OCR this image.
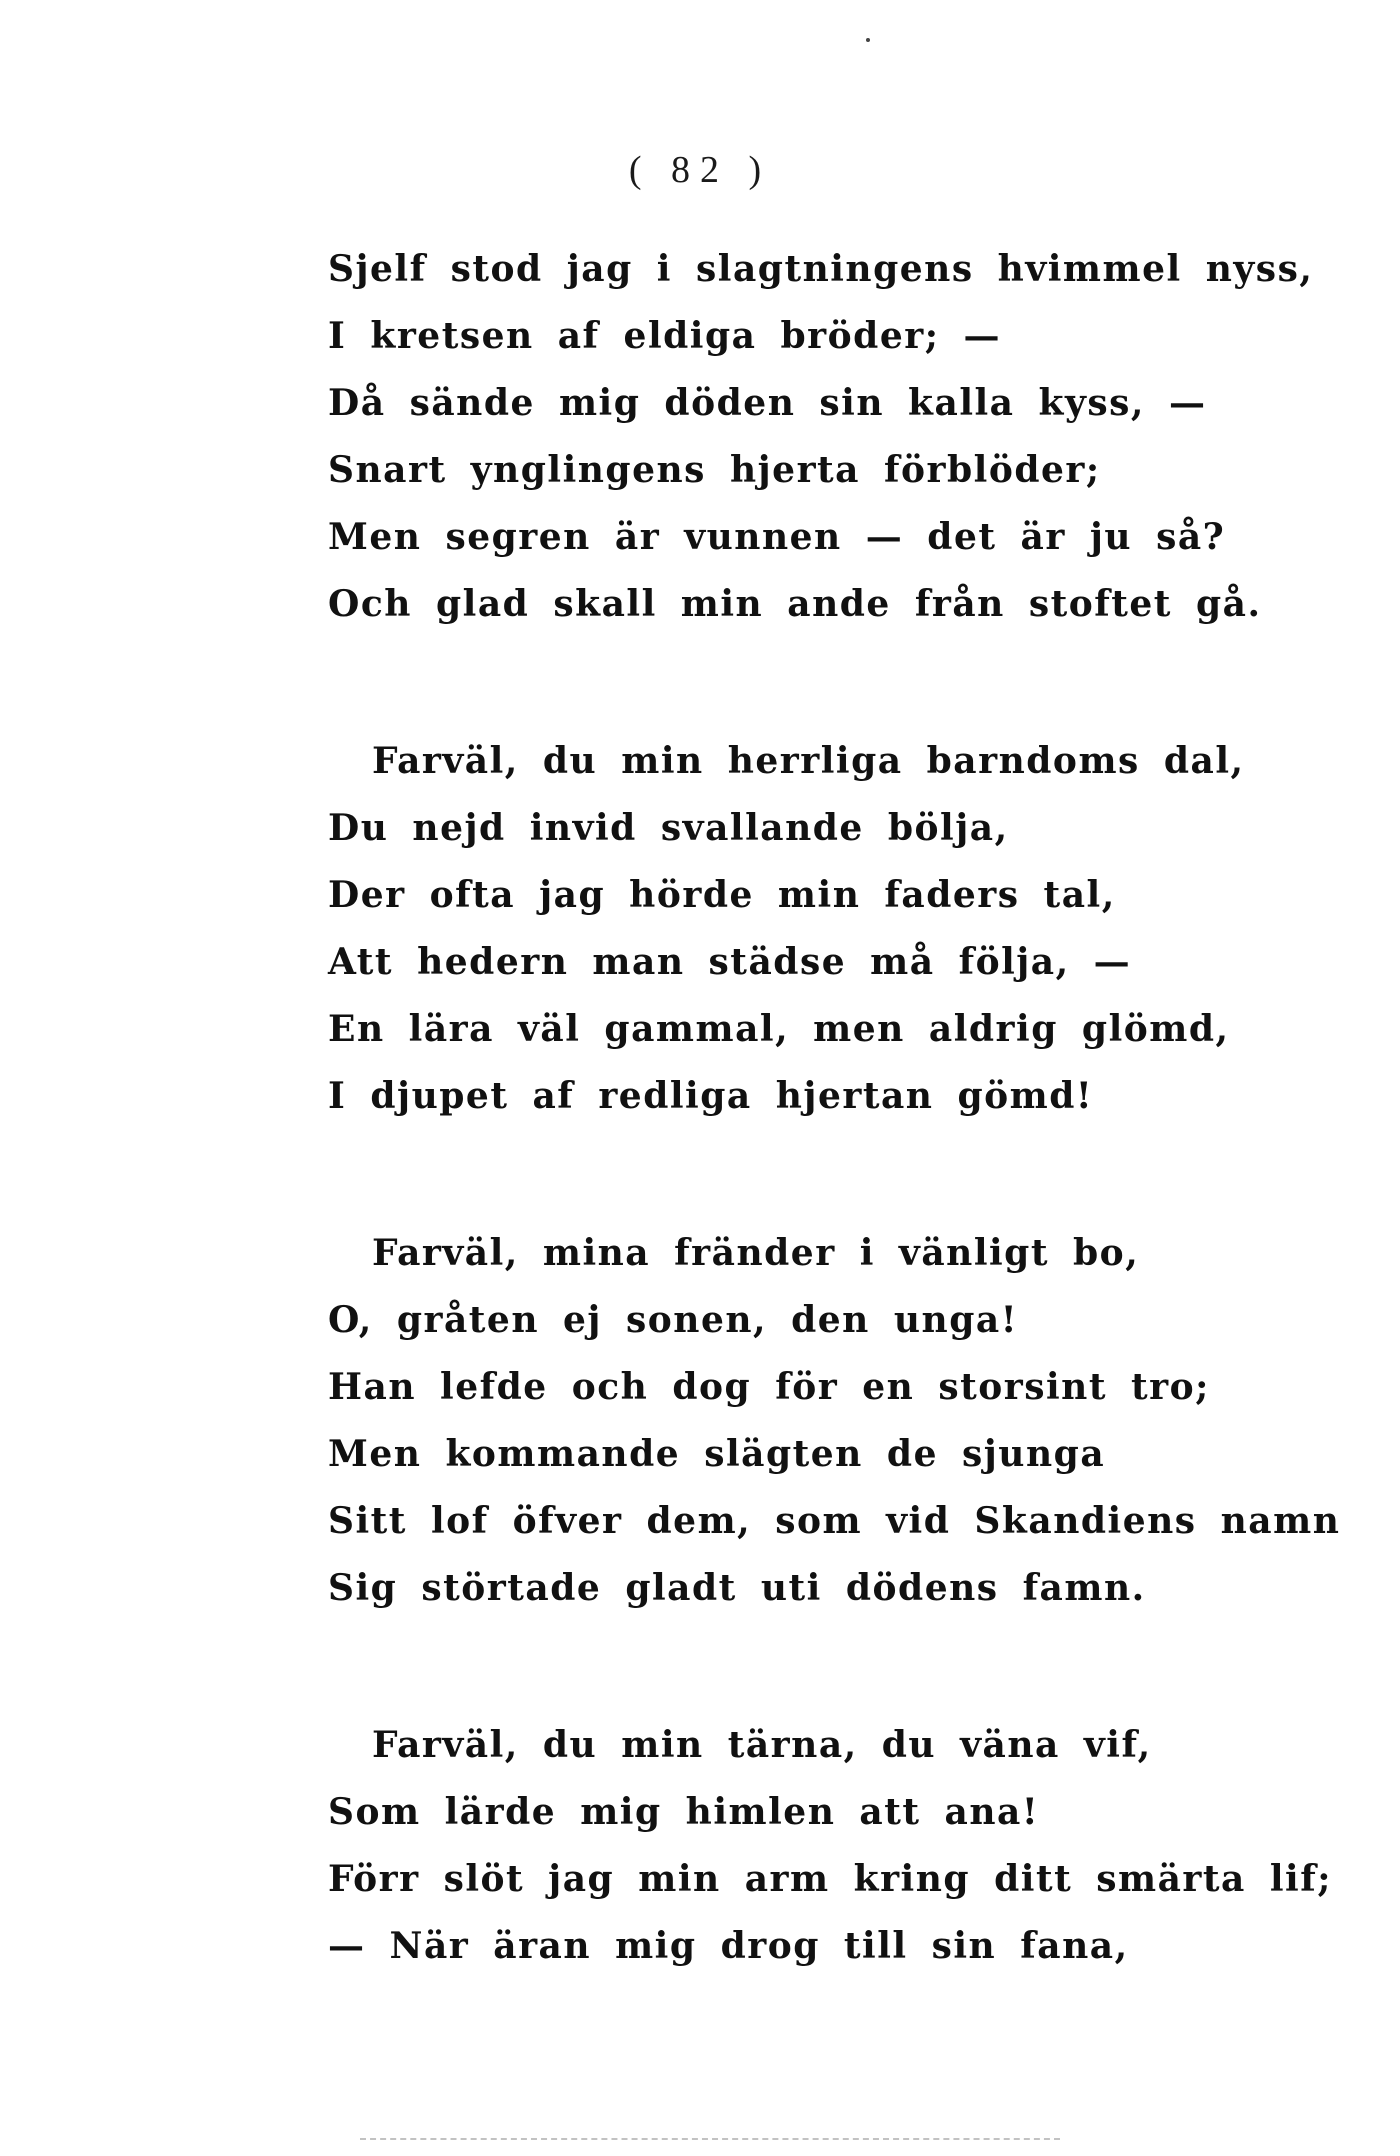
( 82 )
Sjelf stod jag i slagtningens hvimmel nyss,
I kretsen af eldiga bröder; —
Då sände mig döden sin kalla kyss, —
Snart ynglingens hjerta förblöder;
Men segren är vunnen — det är ju så?
Och glad skall min ande från stoftet gå.
Farväl, du min herrliga barndoms dal,
Du nejd invid svallande bölja,
Der ofta jag hörde min faders tal,
Att hedern man städse må följa, —
En lära väl gammal, men aldrig glömd,
I djupet af redliga hjertan gömd!
Farväl, mina fränder i vänligt bo,
O, gråten ej sonen, den unga!
Han lefde och dog för en storsint tro;
Men kommande slägten de sjunga
Sitt lof öfver dem, som vid Skandiens namn
Sig störtade gladt uti dödens famn.
Farväl, du min tärna, du väna vif,
Som lärde mig himlen att ana!
Förr slöt jag min arm kring ditt smärta lif;
— När äran mig drog till sin fana,
